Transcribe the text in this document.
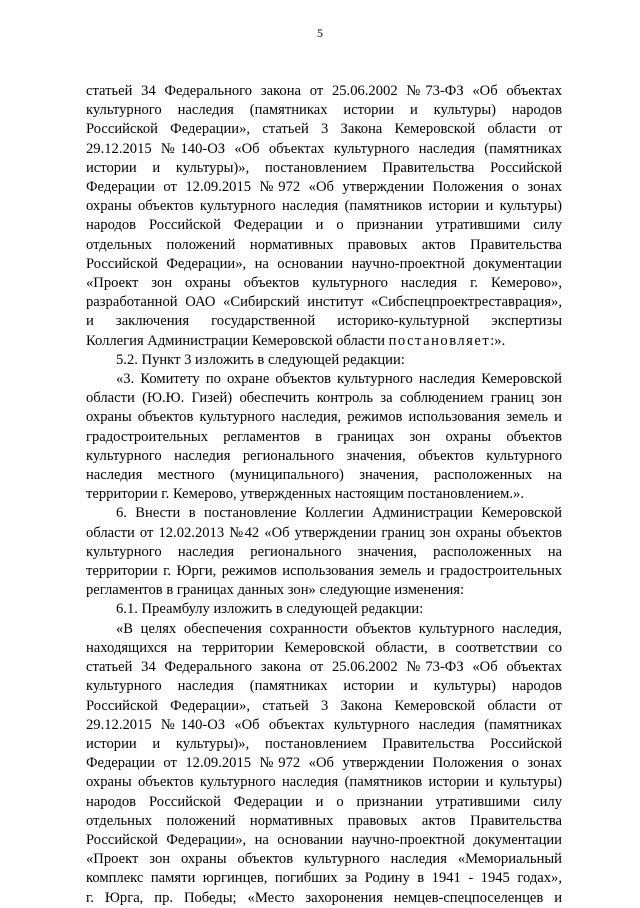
5
статьей 34 Федерального закона от 25.06.2002 №73-ФЗ «Об объектах
культурного наследия (памятниках истории и культуры) народов
Российской Федерации», статьей 3 Закона Кемеровской области от
29.12.2015 №140-ОЗ «Об объектах культурного наследия (памятниках
истории и культуры)», постановлением Правительства Российской
Федерации от 12.09.2015 №972 «Об утверждении Положения о зонах
охраны объектов культурного наследия (памятников истории и культуры)
народов Российской Федерации и о признании утратившими силу
отдельных положений нормативных правовых актов Правительства
Российской Федерации», на основании научно-проектной документации
«Проект зон охраны объектов культурного наследия г. Кемерово»,
разработанной ОАО «Сибирский институт «Сибспецпроектреставрация»,
и заключения государственной историко-культурной экспертизы
Коллегия Администрации Кемеровской области постановляет:».
5.2. Пункт 3 изложить в следующей редакции:
«3. Комитету по охране объектов культурного наследия Кемеровской
области (Ю.Ю. Гизей) обеспечить контроль за соблюдением границ зон
охраны объектов культурного наследия, режимов использования земель и
градостроительных регламентов в границах зон охраны объектов
культурного наследия регионального значения, объектов культурного
наследия местного (муниципального) значения, расположенных на
территории г. Кемерово, утвержденных настоящим постановлением.».
6. Внести в постановление Коллегии Администрации Кемеровской
области от 12.02.2013 №42 «Об утверждении границ зон охраны объектов
культурного наследия регионального значения, расположенных на
территории г. Юрги, режимов использования земель и градостроительных
регламентов в границах данных зон» следующие изменения:
6.1. Преамбулу изложить в следующей редакции:
«В целях обеспечения сохранности объектов культурного наследия,
находящихся на территории Кемеровской области, в соответствии со
статьей 34 Федерального закона от 25.06.2002 №73-ФЗ «Об объектах
культурного наследия (памятниках истории и культуры) народов
Российской Федерации», статьей 3 Закона Кемеровской области от
29.12.2015 №140-ОЗ «Об объектах культурного наследия (памятниках
истории и культуры)», постановлением Правительства Российской
Федерации от 12.09.2015 №972 «Об утверждении Положения о зонах
охраны объектов культурного наследия (памятников истории и культуры)
народов Российской Федерации и о признании утратившими силу
отдельных положений нормативных правовых актов Правительства
Российской Федерации», на основании научно-проектной документации
«Проект зон охраны объектов культурного наследия «Мемориальный
комплекс памяти юргинцев, погибших за Родину в 1941 - 1945 годах»,
г. Юрга, пр. Победы; «Место захоронения немцев-спецпоселенцев и
